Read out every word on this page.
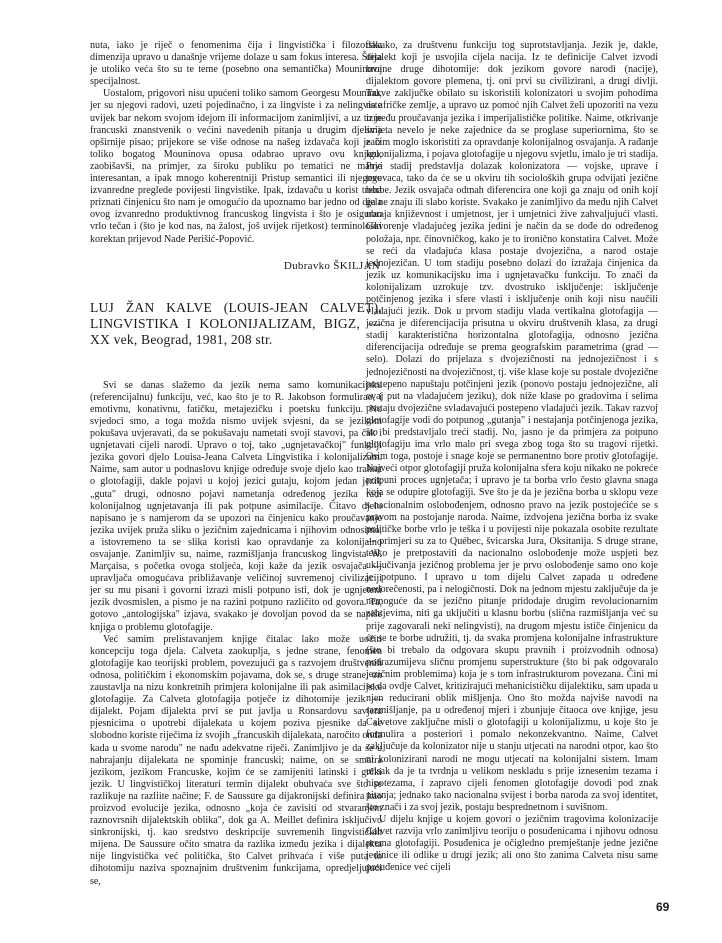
nuta, iako je riječ o fenomenima čija i lingvistička i filozofska dimenzija upravo u današnje vrijeme dolaze u sam fokus interesa. Šteta je utoliko veća što su te teme (posebno ona semantička) Mouninova specijalnost.

Uostalom, prigovori nisu upućeni toliko samom Georgesu Mouninu, jer su njegovi radovi, uzeti pojedinačno, i za lingviste i za nelingviste uvijek bar nekom svojom idejom ili informacijom zanimljivi, a uz to je francuski znanstvenik o većini navedenih pitanja u drugim djelima opširnije pisao; prijekore se više odnose na našeg izdavača koji je iz toliko bogatog Mouninova opusa odabrao upravo ovu knjigu, zaobišavši, na primjer, za široku publiku po tematici ne manje interesantan, a ipak mnogo koherentniji Pristup semantici ili njegove izvanredne preglede povijesti lingvistike. Ipak, izdavaču u korist treba priznati činjenicu što nam je omogućio da upoznamo bar jedno od djela ovog izvanredno produktivnog francuskog lingvista i što je osigurao vrlo tečan i (što je kod nas, na žalost, još uvijek rijetkost) terminološki korektan prijevod Nade Perišić-Popović.

Dubravko ŠKILJAN
LUJ ŽAN KALVE (LOUIS-JEAN CALVET), LINGVISTIKA I KOLONIJALIZAM, BIGZ, — XX vek, Beograd, 1981, 208 str.

Svi se danas slažemo da jezik nema samo komunikacijsku (referencijalnu) funkciju, već, kao što je to R. Jakobson formulirao, i emotivnu, konativnu, fatičku, metajezičku i poetsku funkciju. No svjedoci smo, a toga možda nismo uvijek svjesni, da se jezikom pokušava uvjeravati, da se pokušavaju nametati svoji stavovi, pa čak i ugnjetavati cijeli narodi. Upravo o toj, tako „ugnjetavačkoj" funkciji jezika govori djelo Louisa-Jeana Calveta Lingvistika i kolonijalizam. Naime, sam autor u podnaslovu knjige određuje svoje djelo kao traktat o glotofagiji, dakle pojavi u kojoj jezici gutaju, kojom jedan jezik „guta" drugi, odnosno pojavi nametanja određenog jezika radi kolonijalnog ugnjetavanja ili pak potpune asimilacije. Čitavo djelo napisano je s namjerom da se upozori na činjenicu kako proučavanje jezika uvijek pruža sliku o jezičnim zajednicama i njihovim odnosima, a istovremeno ta se slika koristi kao opravdanje za kolonijalno osvajanje. Zanimljiv su, naime, razmišljanja francuskog lingvista W. Marçaisa, s početka ovoga stoljeća, koji kaže da jezik osvajača — upravljača omogućava približavanje veličinoj suvremenoj civilizaciji jer su mu pisani i govorni izrazi misli potpuno isti, dok je ugnjeteni jezik dvosmislen, a pismo je na razini potpuno različito od govora. Ta, gotovo „antologijska" izjava, svakako je dovoljan povod da se napiše knjiga o problemu glotofagije.

Već samim prelistavanjem knjige čitalac lako može uočiti koncepciju toga djela. Calveta zaokuplja, s jedne strane, fenomen glotofagije kao teorijski problem, povezujući ga s razvojem društvenih odnosa, političkim i ekonomskim pojavama, dok se, s druge strane, on zaustavlja na nizu konkretnih primjera kolonijalne ili pak asimilacijske glotofagije. Za Calveta glotofagija potječe iz dihotomije jezik — dijalekt. Pojam dijalekta prvi se put javlja u Ronsardovu savjetu pjesnicima o upotrebi dijalekata u kojem poziva pjesnike da se slobodno koriste riječima iz svojih „francuskih dijalekata, naročito onda kada u svome narodu" ne nađu adekvatne riječi. Zanimljivo je da se u nabrajanju dijalekata ne spominje francuski; naime, on se smatra jezikom, jezikom Francuske, kojim će se zamijeniti latinski i grčki jezik. U lingvističkoj literaturi termin dijalekt obuhvaća sve što se razlikuje na razliite načine; F. de Saussure ga dijakronijski definira kao proizvod evolucije jezika, odnosno „koja će zavisiti od stvaranjem raznovrsnih dijalektskih oblika", dok ga A. Meillet definira isključivo sinkronijski, tj. kao sredstvo deskripcije suvremenih lingvističkih mijena. De Saussure očito smatra da razlika između jezika i dijalekta nije lingvistička već politička, što Calvet prihvaća i više puta to dihotomiju naziva spoznajnim društvenim funkcijama, opredjeljujući se,

dakako, za društvenu funkciju tog suprotstavljanja. Jezik je, dakle, dijalekt koji je usvojila cijela nacija. Iz te definicije Calvet izvodi brojne druge dihotomije: dok jezikom govore narodi (nacije), dijalektom govore plemena, tj. oni prvi su civilizirani, a drugi divlji. Takve zaključke obilato su iskoristili kolonizatori u svojim pohodima na afričke zemlje, a upravo uz pomoć njih Calvet želi upozoriti na vezu između proučavanja jezika i imperijalističke politike. Naime, otkrivanje svijeta nevelo je neke zajednice da se proglase superiornima, što se začim moglo iskoristiti za opravdanje kolonijalnog osvajanja. A rađanje kolonijalizma, i pojava glotofagije u njegovu svjetlu, imalo je tri stadija. Prvi stadij predstavlja dolazak kolonizatora — vojske, uprave i trgovaca, tako da će se u okviru tih socioloških grupa odvijati jezične borbe. Jezik osvajača odmah diferencira one koji ga znaju od onih koji ga ne znaju ili slabo koriste. Svakako je zanimljivo da među njih Calvet ubraja književnost i umjetnost, jer i umjetnici žive zahvaljujući vlasti. Govorenje vladajućeg jezika jedini je način da se dođe do određenog položaja, npr. činovničkog, kako je to ironično konstatira Calvet. Može se reći da vladajuća klasa postaje dvojezična, a narod ostaje jednojezičan. U tom stadiju posebno dolazi do izražaja činjenica da jezik uz komunikacijsku ima i ugnjetavačku funkciju. To znači da kolonijalizam uzrokuje tzv. dvostruko isključenje: isključenje potčinjenog jezika i sfere vlasti i isključenje onih koji nisu naučili vladajući jezik. Dok u prvom stadiju vlada vertikalna glotofagija — jezična je diferencijacija prisutna u okviru društvenih klasa, za drugi stadij karakteristična horizontalna glotofagija, odnosno jezična diferencijacija određuje se prema geografskim parametrima (grad — selo). Dolazi do prijelaza s dvojezičnosti na jednojezičnost i s jednojezičnosti na dvojezičnost, tj. više klase koje su postale dvojezične postepeno napuštaju potčinjeni jezik (ponovo postaju jednojezične, ali ovaj put na vladajućem jeziku), dok niže klase po gradovima i selima postaju dvojezične svladavajući postepeno vladajući jezik. Takav razvoj glotofagije vodi do potpunog „gutanja" i nestajanja potčinjenoga jezika, što bi predstavljalo treći stadij. No, jasno je da primjera za potpuno glotofagiju ima vrlo malo pri svega zbog toga što su tragovi rijetki. Osim toga, postoje i snage koje se permanentno bore protiv glotofagije. Najveći otpor glotofagiji pruža kolonijalna sfera koju nikako ne pokreće potpuni proces ugnjetača; i upravo je ta borba vrlo često glavna snaga koja se odupire glotofagiji. Sve što je da je jezična borba u sklopu veze s nacionalnim oslobođenjem, odnosno pravo na jezik postojećiće se s pravom na postojanje naroda. Naime, izdvojena jezična borba iz svake političke borbe vrlo je teška i u povijesti nije pokazala osobite rezultate — primjeri su za to Québec, švicarska Jura, Oksitanija. S druge strane, teško je pretpostaviti da nacionalno oslobođenje može uspjeti bez uključivanja jezičnog problema jer je prvo oslobođenje samo ono koje je potpuno. I upravo u tom dijelu Calvet zapada u određene nedorečenosti, pa i nelogičnosti. Dok na jednom mjestu zaključuje da je nemoguće da se jezično pitanje pridodaje drugim revolucionarnim zahtjevima, niti ga uključiti u klasnu borbu (slična razmišljanja već su prije zagovarali neki nelingvisti), na drugom mjestu ističe činjenicu da će se te borbe udružiti, tj. da svaka promjena kolonijalne infrastrukture (što bi trebalo da odgovara skupu pravnih i proizvodnih odnosa) podrazumijeva sličnu promjenu superstrukture (što bi pak odgovaralo jezičnim problemima) koja je s tom infrastrukturom povezana. Čini mi se da ovdje Calvet, kritizirajući mehanicističku dijalektiku, sam upada u njen reducirani oblik mišljenja. Ono što možda najviše navodi na razmišljanje, pa u određenoj mjeri i zbunjuje čitaoca ove knjige, jesu Calvetove zaključne misli o glotofagiji u kolonijalizmu, u koje što je formulira a posteriori i pomalo nekonzekvantno. Naime, Calvet zaključuje da kolonizator nije u stanju utjecati na narodni otpor, kao što ni kolonizirani narodi ne mogu utjecati na kolonijalni sistem. Imam utisak da je ta tvrdnja u velikom neskladu s prije iznesenim tezama i hipotezama, i zapravo cijeli fenomen glotofagije dovodi pod znak pitanja; jednako tako nacionalna svijest i borba naroda za svoj identitet, što znači i za svoj jezik, postaju besprednetnom i suvišnom.

U dijelu knjige u kojem govori o jezičnim tragovima kolonizacije Calvet razvija vrlo zanimljivu teoriju o posuđenicama i njihovu odnosu prema glotofagiji. Posuđenica je očigledno premještanje jedne jezične jedinice ili odlike u drugi jezik; ali ono što zanima Calveta nisu same posuđenice već cijeli

69
